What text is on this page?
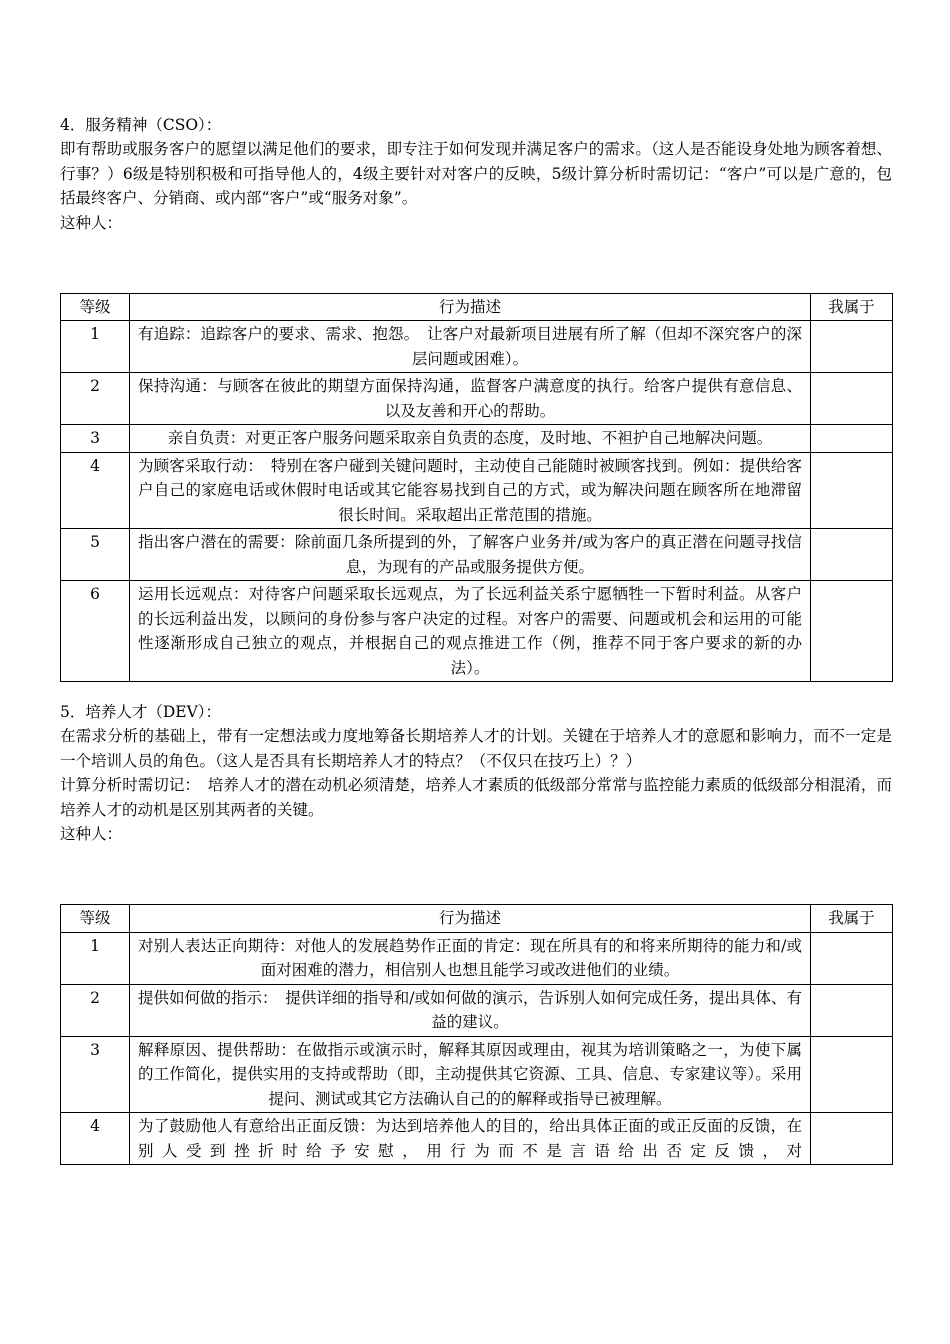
4．服务精神（CSO）：

即有帮助或服务客户的愿望以满足他们的要求，即专注于如何发现并满足客户的需求。（这人是否能设身处地为顾客着想、行事？）6级是特别积极和可指导他人的，4级主要针对对客户的反映，5级计算分析时需切记：“客户”可以是广意的，包括最终客户、分销商、或内部“客户”或“服务对象”。

这种人：

等级	行为描述	我属于
1	有追踪：追踪客户的要求、需求、抱怨。　让客户对最新项目进展有所了解（但却不深究客户的深层问题或困难）。	
2	保持沟通：与顾客在彼此的期望方面保持沟通，监督客户满意度的执行。给客户提供有意信息、以及友善和开心的帮助。	
3	亲自负责：对更正客户服务问题采取亲自负责的态度，及时地、不袒护自己地解决问题。	
4	为顾客采取行动：　特别在客户碰到关键问题时，主动使自己能随时被顾客找到。例如：提供给客户自己的家庭电话或休假时电话或其它能容易找到自己的方式，或为解决问题在顾客所在地滞留很长时间。采取超出正常范围的措施。	
5	指出客户潜在的需要：除前面几条所提到的外，了解客户业务并/或为客户的真正潜在问题寻找信息，为现有的产品或服务提供方便。	
6	运用长远观点：对待客户问题采取长远观点，为了长远利益关系宁愿牺牲一下暂时利益。从客户的长远利益出发，以顾问的身份参与客户决定的过程。对客户的需要、问题或机会和运用的可能性逐渐形成自己独立的观点，并根据自己的观点推进工作（例，推荐不同于客户要求的新的办法）。	

5．培养人才（DEV）：

在需求分析的基础上，带有一定想法或力度地筹备长期培养人才的计划。关键在于培养人才的意愿和影响力，而不一定是一个培训人员的角色。（这人是否具有长期培养人才的特点？（不仅只在技巧上）？）

计算分析时需切记：　培养人才的潜在动机必须清楚，培养人才素质的低级部分常常与监控能力素质的低级部分相混淆，而培养人才的动机是区别其两者的关键。

这种人：

等级	行为描述	我属于
1	对别人表达正向期待：对他人的发展趋势作正面的肯定：现在所具有的和将来所期待的能力和/或面对困难的潜力，相信别人也想且能学习或改进他们的业绩。	
2	提供如何做的指示：　提供详细的指导和/或如何做的演示，告诉别人如何完成任务，提出具体、有益的建议。	
3	解释原因、提供帮助：在做指示或演示时，解释其原因或理由，视其为培训策略之一，为使下属的工作简化，提供实用的支持或帮助（即，主动提供其它资源、工具、信息、专家建议等）。采用提问、测试或其它方法确认自己的的解释或指导已被理解。	
4	为了鼓励他人有意给出正面反馈：为达到培养他人的目的，给出具体正面的或正反面的反馈，在别人受到挫折时给予安慰，用行为而不是言语给出否定反馈，对	
